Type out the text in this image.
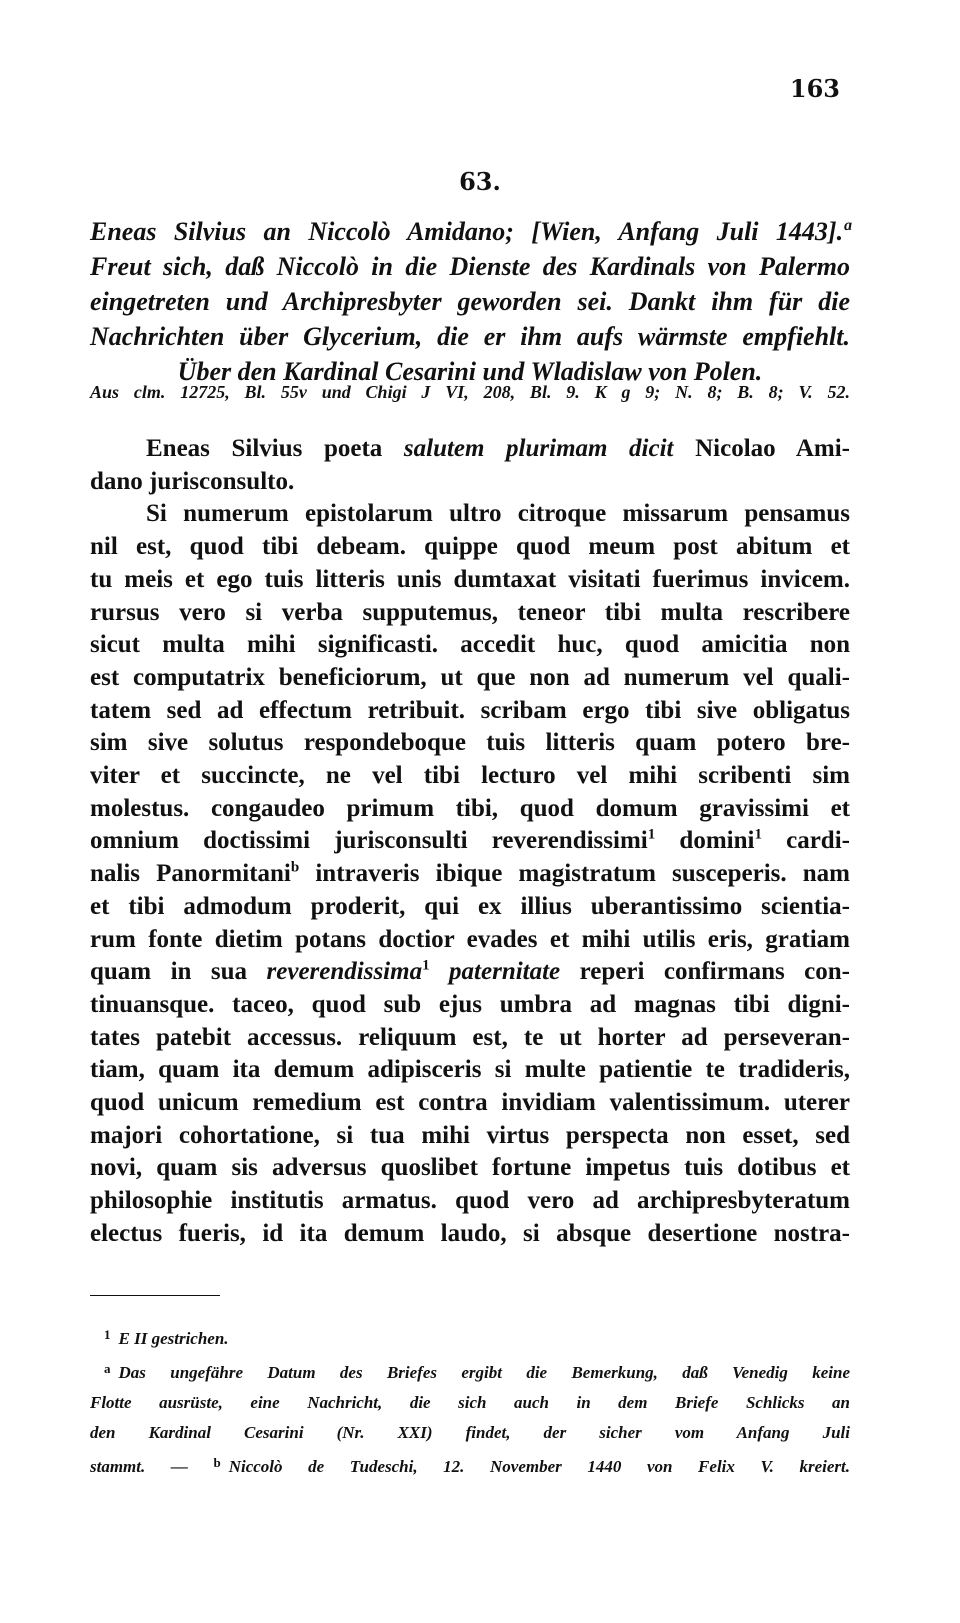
163
63.
Eneas Silvius an Niccolò Amidano; [Wien, Anfang Juli 1443].ª
Freut sich, daß Niccolò in die Dienste des Kardinals von Palermo
eingetreten und Archipresbyter geworden sei. Dankt ihm für die
Nachrichten über Glycerium, die er ihm aufs wärmste empfiehlt.
Über den Kardinal Cesarini und Wladislaw von Polen.
Aus clm. 12725, Bl. 55v und Chigi J VI, 208, Bl. 9. K g 9; N. 8; B. 8; V. 52.
Eneas Silvius poeta salutem plurimam dicit Nicolao Ami-
dano jurisconsulto.
Si numerum epistolarum ultro citroque missarum pensamus
nil est, quod tibi debeam. quippe quod meum post abitum et
tu meis et ego tuis litteris unis dumtaxat visitati fuerimus invicem.
rursus vero si verba supputemus, teneor tibi multa rescribere
sicut multa mihi significasti. accedit huc, quod amicitia non
est computatrix beneficiorum, ut que non ad numerum vel quali-
tatem sed ad effectum retribuit. scribam ergo tibi sive obligatus
sim sive solutus respondeboque tuis litteris quam potero bre-
viter et succincte, ne vel tibi lecturo vel mihi scribenti sim
molestus. congaudeo primum tibi, quod domum gravissimi et
omnium doctissimi jurisconsulti reverendissimi$^1$ domini$^1$ cardi-
nalis Panormitani$^b$ intraveris ibique magistratum susceperis. nam
et tibi admodum proderit, qui ex illius uberantissimo scientia-
rum fonte dietim potans doctior evades et mihi utilis eris, gratiam
quam in sua reverendissima$^1$ paternitate reperi confirmans con-
tinuansque. taceo, quod sub ejus umbra ad magnas tibi digni-
tates patebit accessus. reliquum est, te ut horter ad perseveran-
tiam, quam ita demum adipisceris si multe patientie te tradideris,
quod unicum remedium est contra invidiam valentissimum. uterer
majori cohortatione, si tua mihi virtus perspecta non esset, sed
novi, quam sis adversus quoslibet fortune impetus tuis dotibus et
philosophie institutis armatus. quod vero ad archipresbyteratum
electus fueris, id ita demum laudo, si absque desertione nostra-
$^1$ E II gestrichen.
$^a$ Das ungefähre Datum des Briefes ergibt die Bemerkung, daß Venedig keine
Flotte ausrüste, eine Nachricht, die sich auch in dem Briefe Schlicks an
den Kardinal Cesarini (Nr. XXI) findet, der sicher vom Anfang Juli
stammt. — $^b$ Niccolò de Tudeschi, 12. November 1440 von Felix V. kreiert.
